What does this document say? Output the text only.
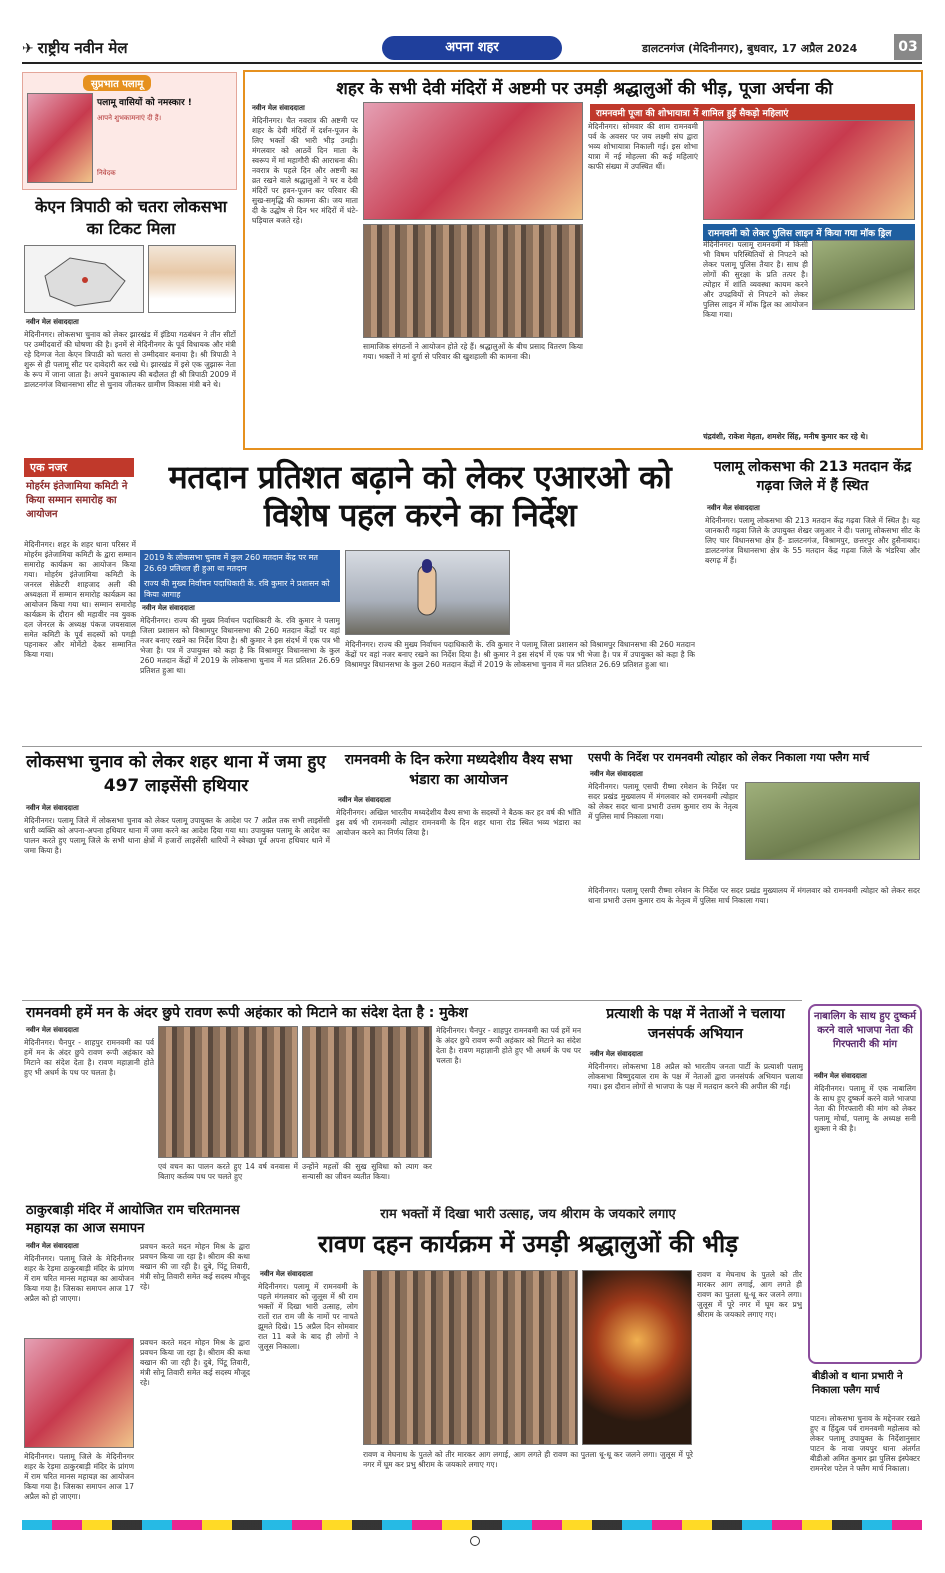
✈ राष्ट्रीय नवीन मेल	अपना शहर	डालटनगंज (मेदिनीनगर), बुधवार, 17 अप्रैल 2024	03
सुप्रभात पलामू
पलामू वासियों को नमस्कार !
आपने शुभकामनाएं दी हैं।
निवेदक
केएन त्रिपाठी को चतरा लोकसभा का टिकट मिला
नवीन मेल संवाददाता
मेदिनीनगर। लोकसभा चुनाव को लेकर झारखंड में इंडिया गठबंधन ने तीन सीटों पर उम्मीदवारों की घोषणा की है। इनमें से मेदिनीनगर के पूर्व विधायक और मंत्री रहे दिग्गज नेता केएन त्रिपाठी को चतरा से उम्मीदवार बनाया है। श्री त्रिपाठी ने शुरू से ही पलामू सीट पर दावेदारी कर रखे थे। झारखंड में इसे एक जुझारू नेता के रूप में जाना जाता है। अपने युवाकाल्प की बदौलत ही श्री त्रिपाठी 2009 में डालटनगंज विधानसभा सीट से चुनाव जीतकर ग्रामीण विकास मंत्री बने थे।
शहर के सभी देवी मंदिरों में अष्टमी पर उमड़ी श्रद्धालुओं की भीड़, पूजा अर्चना की
नवीन मेल संवाददाता
मेदिनीनगर। चैत नवरात्र की अष्टमी पर शहर के देवी मंदिरों में दर्शन-पूजन के लिए भक्तों की भारी भीड़ उमड़ी। मंगलवार को आठवें दिन माता के स्वरूप में मां महागौरी की आराधना की। नवरात्र के पहले दिन और अष्टमी का व्रत रखने वाले श्रद्धालुओं ने घर व देवी मंदिरों पर हवन-पूजन कर परिवार की सुख-समृद्धि की कामना की। जय माता दी के उद्घोष से दिन भर मंदिरों में घंटे-घड़ियाल बजते रहे।
सामाजिक संगठनों ने आयोजन होते रहे हैं। श्रद्धालुओं के बीच प्रसाद वितरण किया गया। भक्तों ने मां दुर्गा से परिवार की खुशहाली की कामना की।
मेदिनीनगर। सोमवार की शाम रामनवमी पर्व के अवसर पर जय लक्ष्मी संघ द्वारा भव्य शोभायात्रा निकाली गई। इस शोभा यात्रा में नई मोहल्ला की कई महिलाएं काफी संख्या में उपस्थित थीं।
रामनवमी पूजा की शोभायात्रा में शामिल हुईं सैकड़ो महिलाएं
रामनवमी को लेकर पुलिस लाइन में किया गया मॉक ड्रिल
मेदिनीनगर। पलामू रामनवमी में किसी भी विषम परिस्थितियों से निपटने को लेकर पलामू पुलिस तैयार है। साथ ही लोगों की सुरक्षा के प्रति तत्पर है। त्योहार में शांति व्यवस्था कायम करने और उपद्रवियों से निपटने को लेकर पुलिस लाइन में मॉक ड्रिल का आयोजन किया गया।
चंद्रवंशी, राकेश मेहता, शमशेर सिंह, मनीष कुमार कर रहे थे।
एक नजर
मोहर्रम इंतेजामिया कमिटी ने किया सम्मान समारोह का आयोजन
मेदिनीनगर। शहर के शहर थाना परिसर में मोहर्रम इंतेजामिया कमिटी के द्वारा सम्मान समारोह कार्यक्रम का आयोजन किया गया। मोहर्रम इंतेजामिया कमिटी के जनरल सेक्रेटरी शाहजाद अली की अध्यक्षता में सम्मान समारोह कार्यक्रम का आयोजन किया गया था। सम्मान समारोह कार्यक्रम के दौरान श्री महावीर नव युवक दल जेनरल के अध्यक्ष पंकज जयसवाल समेत कमिटी के पूर्व सदस्यों को पगड़ी पहनाकर और मोमेंटो देकर सम्मानित किया गया।
मतदान प्रतिशत बढ़ाने को लेकर एआरओ को विशेष पहल करने का निर्देश
2019 के लोकसभा चुनाव में कुल 260 मतदान केंद्र पर मत 26.69 प्रतिशत ही हुआ था मतदान
राज्य की मुख्य निर्वाचन पदाधिकारी के. रवि कुमार ने प्रशासन को किया आगाह
नवीन मेल संवाददाता
मेदिनीनगर। राज्य की मुख्य निर्वाचन पदाधिकारी के. रवि कुमार ने पलामू जिला प्रशासन को विश्रामपुर विधानसभा की 260 मतदान केंद्रों पर वहां नजर बनाए रखने का निर्देश दिया है। श्री कुमार ने इस संदर्भ में एक पत्र भी भेजा है। पत्र में उपायुक्त को कहा है कि विश्रामपुर विधानसभा के कुल 260 मतदान केंद्रों में 2019 के लोकसभा चुनाव में मत प्रतिशत 26.69 प्रतिशत हुआ था।
मेदिनीनगर। राज्य की मुख्य निर्वाचन पदाधिकारी के. रवि कुमार ने पलामू जिला प्रशासन को विश्रामपुर विधानसभा की 260 मतदान केंद्रों पर वहां नजर बनाए रखने का निर्देश दिया है। श्री कुमार ने इस संदर्भ में एक पत्र भी भेजा है। पत्र में उपायुक्त को कहा है कि विश्रामपुर विधानसभा के कुल 260 मतदान केंद्रों में 2019 के लोकसभा चुनाव में मत प्रतिशत 26.69 प्रतिशत हुआ था।
पलामू लोकसभा की 213 मतदान केंद्र गढ़वा जिले में हैं स्थित
नवीन मेल संवाददाता
मेदिनीनगर। पलामू लोकसभा की 213 मतदान केंद्र गढ़वा जिले में स्थित है। यह जानकारी गढ़वा जिले के उपायुक्त शेखर जमुआर ने दी। पलामू लोकसभा सीट के लिए चार विधानसभा क्षेत्र हैं- डालटनगंज, विश्रामपुर, छत्तरपुर और हुसैनाबाद। डालटनगंज विधानसभा क्षेत्र के 55 मतदान केंद्र गढ़वा जिले के भंडरिया और बरगढ़ में हैं।
लोकसभा चुनाव को लेकर शहर थाना में जमा हुए 497 लाइसेंसी हथियार
नवीन मेल संवाददाता
मेदिनीनगर। पलामू जिले में लोकसभा चुनाव को लेकर पलामू उपायुक्त के आदेश पर 7 अप्रैल तक सभी लाइसेंसी धारी व्यक्ति को अपना-अपना हथियार थाना में जमा करने का आदेश दिया गया था। उपायुक्त पलामू के आदेश का पालन करते हुए पलामू जिले के सभी थाना क्षेत्रों में हजारों लाइसेंसी धारियों ने स्वेच्छा पूर्व अपना हथियार थाने में जमा किया है।
रामनवमी के दिन करेगा मध्यदेशीय वैश्य सभा भंडारा का आयोजन
नवीन मेल संवाददाता
मेदिनीनगर। अखिल भारतीय मध्यदेशीय वैश्य सभा के सदस्यों ने बैठक कर हर वर्ष की भाँति इस वर्ष भी रामनवमी त्योहार रामनवमी के दिन शहर थाना रोड स्थित भव्य भंडारा का आयोजन करने का निर्णय लिया है।
एसपी के निर्देश पर रामनवमी त्योहार को लेकर निकाला गया फ्लैग मार्च
नवीन मेल संवाददाता
मेदिनीनगर। पलामू एसपी रीष्मा रमेशन के निर्देश पर सदर प्रखंड मुख्यालय में मंगलवार को रामनवमी त्योहार को लेकर सदर थाना प्रभारी उत्तम कुमार राय के नेतृत्व में पुलिस मार्च निकाला गया।
मेदिनीनगर। पलामू एसपी रीष्मा रमेशन के निर्देश पर सदर प्रखंड मुख्यालय में मंगलवार को रामनवमी त्योहार को लेकर सदर थाना प्रभारी उत्तम कुमार राय के नेतृत्व में पुलिस मार्च निकाला गया।
रामनवमी हमें मन के अंदर छुपे रावण रूपी अहंकार को मिटाने का संदेश देता है : मुकेश
नवीन मेल संवाददाता
मेदिनीनगर। चैनपुर - शाहपुर रामनवमी का पर्व हमें मन के अंदर छुपे रावण रूपी अहंकार को मिटाने का संदेश देता है। रावण महाज्ञानी होते हुए भी अधर्म के पथ पर चलता है।
एवं वचन का पालन करते हुए 14 वर्ष वनवास में बिताए कर्तव्य पथ पर चलते हुए
उन्होंने महलों की सुख सुविधा को त्याग कर सन्यासी का जीवन व्यतीत किया।
मेदिनीनगर। चैनपुर - शाहपुर रामनवमी का पर्व हमें मन के अंदर छुपे रावण रूपी अहंकार को मिटाने का संदेश देता है। रावण महाज्ञानी होते हुए भी अधर्म के पथ पर चलता है।
प्रत्याशी के पक्ष में नेताओं ने चलाया जनसंपर्क अभियान
नवीन मेल संवाददाता
मेदिनीनगर। लोकसभा 18 अप्रैल को भारतीय जनता पार्टी के प्रत्याशी पलामू लोकसभा विष्णुदयाल राम के पक्ष में नेताओं द्वारा जनसंपर्क अभियान चलाया गया। इस दौरान लोगों से भाजपा के पक्ष में मतदान करने की अपील की गई।
नाबालिग के साथ हुए दुष्कर्म करने वाले भाजपा नेता की गिरफ्तारी की मांग
नवीन मेल संवाददाता
मेदिनीनगर। पलामू में एक नाबालिग के साथ हुए दुष्कर्म करने वाले भाजपा नेता की गिरफ्तारी की मांग को लेकर पलामू मोर्चा, पलामू के अध्यक्ष सनी शुक्ला ने की है।
ठाकुरबाड़ी मंदिर में आयोजित राम चरितमानस महायज्ञ का आज समापन
नवीन मेल संवाददाता
मेदिनीनगर। पलामू जिले के मेदिनीनगर शहर के रेड़मा ठाकुरबाड़ी मंदिर के प्रांगण में राम चरित मानस महायज्ञ का आयोजन किया गया है। जिसका समापन आज 17 अप्रैल को हो जाएगा।
प्रवचन करते मदन मोहन मिश्र के द्वारा प्रवचन किया जा रहा है। श्रीराम की कथा बखान की जा रही है। दुबे, पिंटू तिवारी, मंत्री सोनू तिवारी समेत कई सदस्य मौजूद रहे।
प्रवचन करते मदन मोहन मिश्र के द्वारा प्रवचन किया जा रहा है। श्रीराम की कथा बखान की जा रही है। दुबे, पिंटू तिवारी, मंत्री सोनू तिवारी समेत कई सदस्य मौजूद रहे।
मेदिनीनगर। पलामू जिले के मेदिनीनगर शहर के रेड़मा ठाकुरबाड़ी मंदिर के प्रांगण में राम चरित मानस महायज्ञ का आयोजन किया गया है। जिसका समापन आज 17 अप्रैल को हो जाएगा।
राम भक्तों में दिखा भारी उत्साह, जय श्रीराम के जयकारे लगाए
रावण दहन कार्यक्रम में उमड़ी श्रद्धालुओं की भीड़
नवीन मेल संवाददाता
मेदिनीनगर। पलामू में रामनवमी के पहले मंगलवार को जुलूस में श्री राम भक्तों में दिखा भारी उत्साह, लोग रातों रात राम जी के नामों पर नाचते झूमते दिखे। 15 अप्रैल दिन सोमवार रात 11 बजे के बाद ही लोगों ने जुलूस निकाला।
रावण व मेघनाथ के पुतले को तीर मारकर आग लगाई, आग लगते ही रावण का पुतला धू-धू कर जलने लगा। जुलूस में पूरे नगर में घूम कर प्रभु श्रीराम के जयकारे लगाए गए।
रावण व मेघनाथ के पुतले को तीर मारकर आग लगाई, आग लगते ही रावण का पुतला धू-धू कर जलने लगा। जुलूस में पूरे नगर में घूम कर प्रभु श्रीराम के जयकारे लगाए गए।
बीडीओ व थाना प्रभारी ने निकाला फ्लैग मार्च
पाटन। लोकसभा चुनाव के मद्देनजर रखते हुए व हिंदुत्व पर्व रामनवमी महोत्सव को लेकर पलामू उपायुक्त के निर्देशानुसार पाटन के नावा जयपुर थाना अंतर्गत बीडीओ अमित कुमार झा पुलिस इंस्पेक्टर रामनरेश पटेल ने फ्लैग मार्च निकाला।
